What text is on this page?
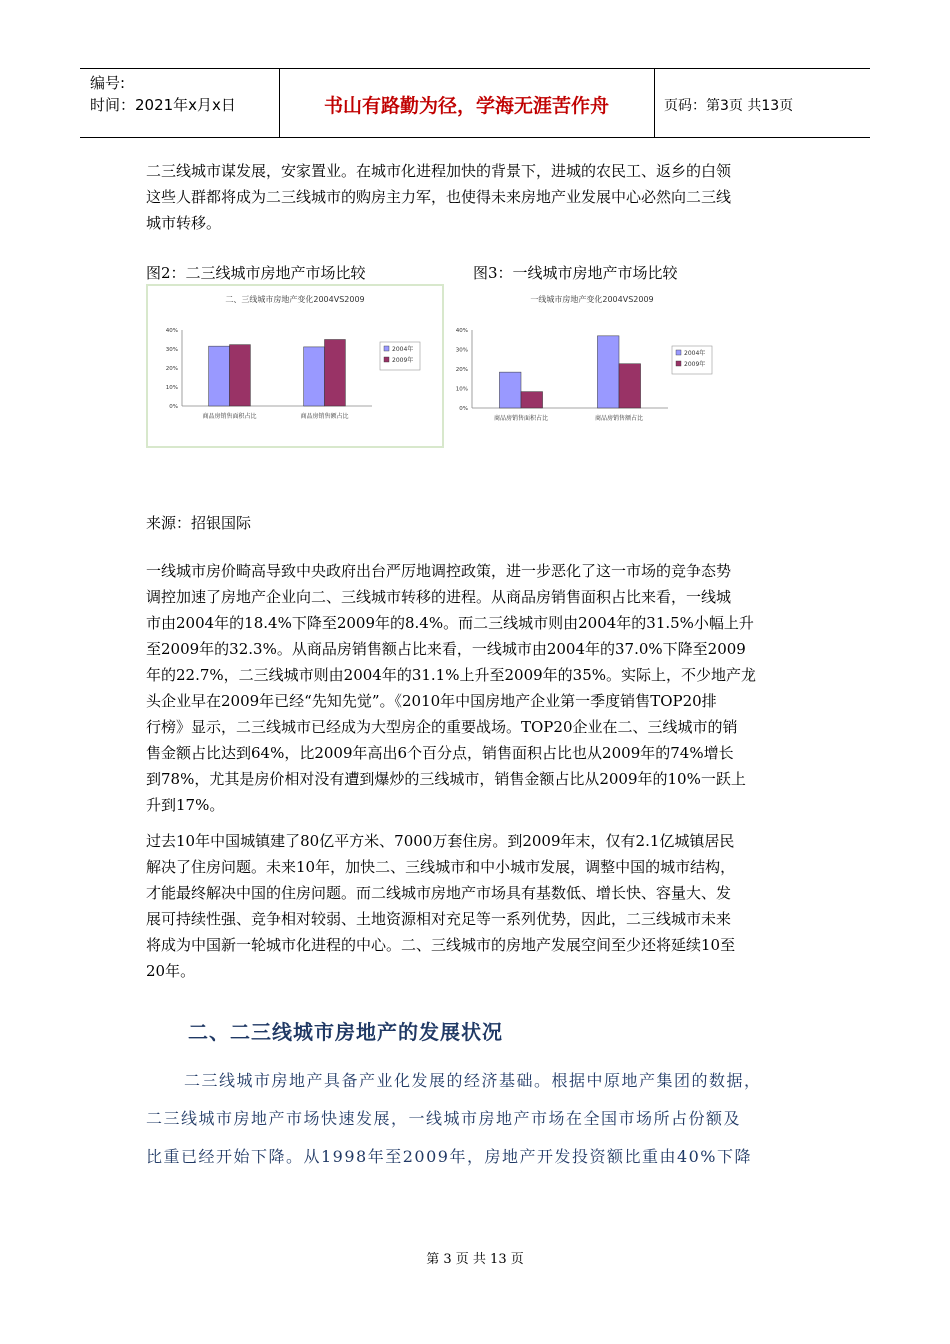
编号:
时间：2021年x月x日	书山有路勤为径，学海无涯苦作舟	页码：第3页 共13页

二三线城市谋发展，安家置业。在城市化进程加快的背景下，进城的农民工、返乡的白领

这些人群都将成为二三线城市的购房主力军，也使得未来房地产业发展中心必然向二三线

城市转移。

图2：二三线城市房地产市场比较	图3：一线城市房地产市场比较
二、三线城市房地产变化2004VS2009
0%
10%
20%
30%
40%
商品房销售面积占比	商品房销售额占比
2004年
2009年
一线城市房地产变化2004VS2009
0%
10%
20%
30%
40%
商品房销售面积占比	商品房销售额占比
2004年
2009年
来源：招银国际

一线城市房价畸高导致中央政府出台严厉地调控政策，进一步恶化了这一市场的竞争态势

调控加速了房地产企业向二、三线城市转移的进程。从商品房销售面积占比来看，一线城

市由2004年的18.4%下降至2009年的8.4%。而二三线城市则由2004年的31.5%小幅上升

至2009年的32.3%。从商品房销售额占比来看，一线城市由2004年的37.0%下降至2009

年的22.7%，二三线城市则由2004年的31.1%上升至2009年的35%。实际上，不少地产龙

头企业早在2009年已经“先知先觉”。《2010年中国房地产企业第一季度销售TOP20排

行榜》显示，二三线城市已经成为大型房企的重要战场。TOP20企业在二、三线城市的销

售金额占比达到64%，比2009年高出6个百分点，销售面积占比也从2009年的74%增长

到78%，尤其是房价相对没有遭到爆炒的三线城市，销售金额占比从2009年的10%一跃上

升到17%。

过去10年中国城镇建了80亿平方米、7000万套住房。到2009年末，仅有2.1亿城镇居民

解决了住房问题。未来10年，加快二、三线城市和中小城市发展，调整中国的城市结构，

才能最终解决中国的住房问题。而二线城市房地产市场具有基数低、增长快、容量大、发

展可持续性强、竞争相对较弱、土地资源相对充足等一系列优势，因此，二三线城市未来

将成为中国新一轮城市化进程的中心。二、三线城市的房地产发展空间至少还将延续10至

20年。

二、二三线城市房地产的发展状况

二三线城市房地产具备产业化发展的经济基础。根据中原地产集团的数据，

二三线城市房地产市场快速发展，一线城市房地产市场在全国市场所占份额及

比重已经开始下降。从1998年至2009年，房地产开发投资额比重由40%下降

第 3 页 共 13 页
